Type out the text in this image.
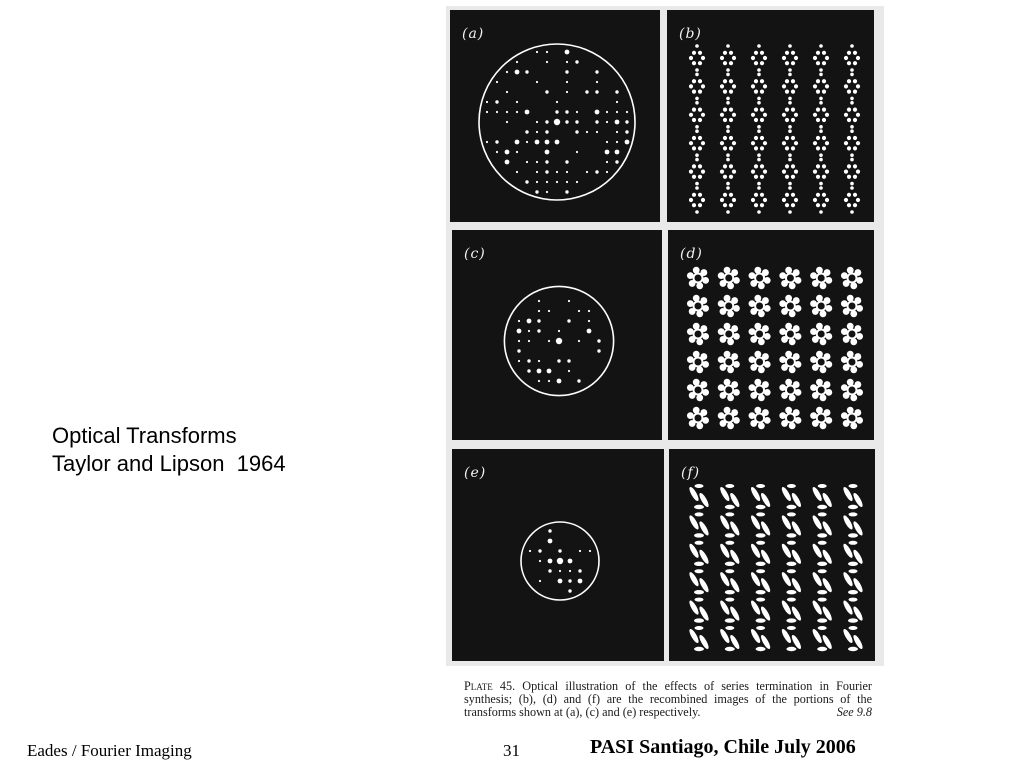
Optical Transforms
Taylor and Lipson  1964
(a)	(b)
(c)	(d)
(e)	(f)
Plate 45. Optical illustration of the effects of series termination in Fourier synthesis; (b), (d) and (f) are the recombined images of the portions of the transforms shown at (a), (c) and (e) respectively.	See 9.8
Eades / Fourier Imaging	31	PASI Santiago, Chile July 2006
